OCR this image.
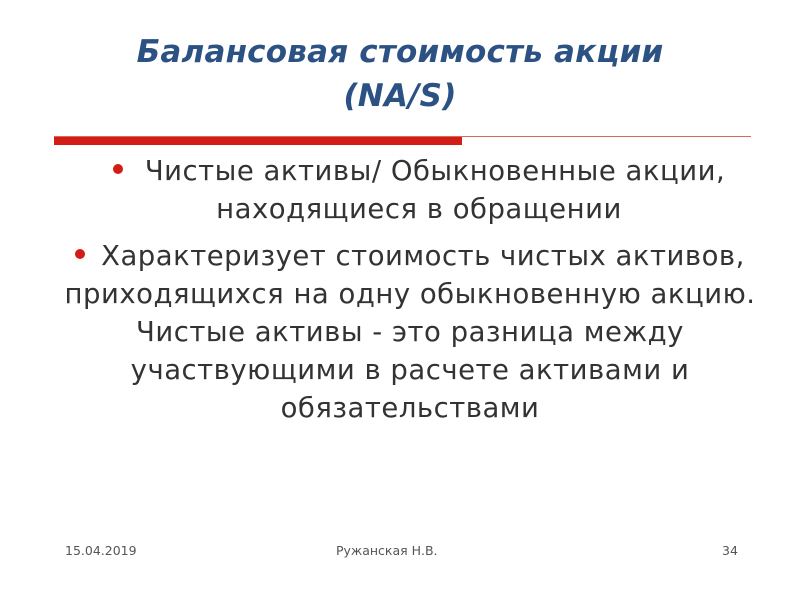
Балансовая стоимость акции
(NA/S)
Чистые активы/ Обыкновенные акции, находящиеся в обращении
Характеризует стоимость чистых активов, приходящихся на одну обыкновенную акцию. Чистые активы - это разница между участвующими в расчете активами и обязательствами
15.04.2019	Ружанская Н.В.	34
